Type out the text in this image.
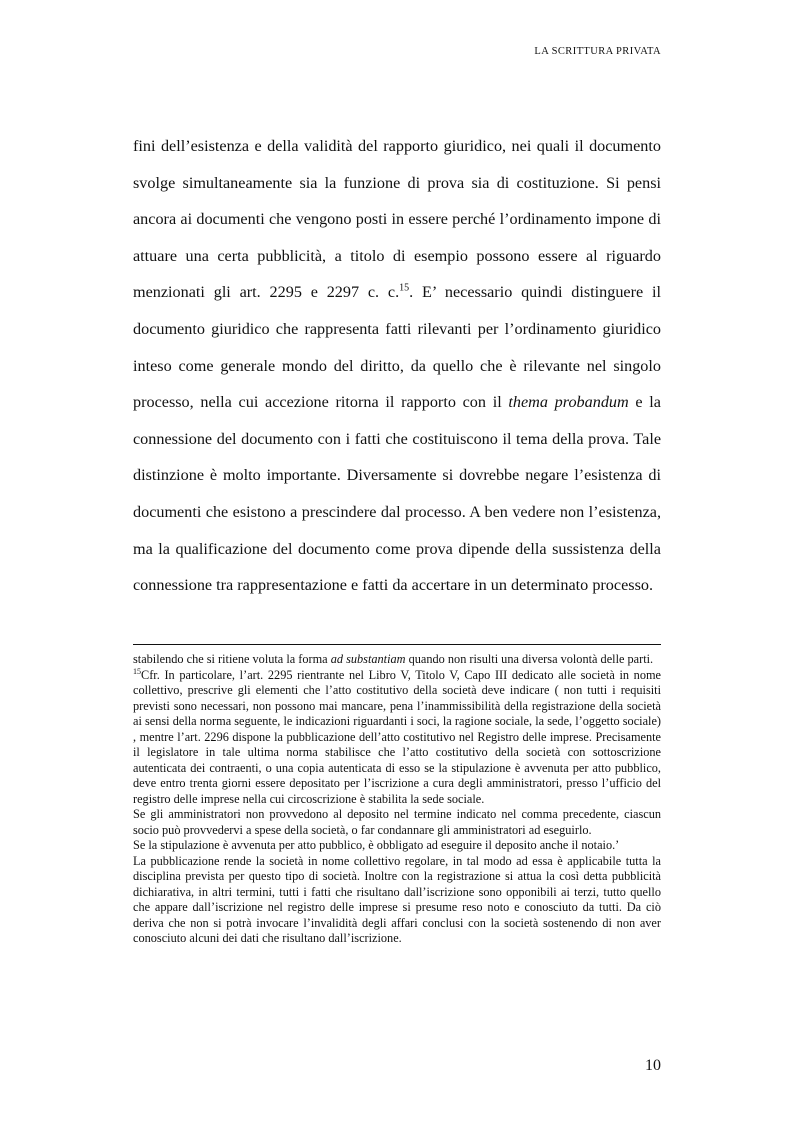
LA SCRITTURA PRIVATA

fini dell’esistenza e della validità del rapporto giuridico, nei quali il documento svolge simultaneamente sia la funzione di prova sia di costituzione. Si pensi ancora ai documenti che vengono posti in essere perché l’ordinamento impone di attuare una certa pubblicità, a titolo di esempio possono essere al riguardo menzionati gli art. 2295 e 2297 c. c.$^{15}$. E’ necessario quindi distinguere il documento giuridico che rappresenta fatti rilevanti per l’ordinamento giuridico inteso come generale mondo del diritto, da quello che è rilevante nel singolo processo, nella cui accezione ritorna il rapporto con il thema probandum e la connessione del documento con i fatti che costituiscono il tema della prova. Tale distinzione è molto importante. Diversamente si dovrebbe negare l’esistenza di documenti che esistono a prescindere dal processo. A ben vedere non l’esistenza, ma la qualificazione del documento come prova dipende della sussistenza della connessione tra rappresentazione e fatti da accertare in un determinato processo.

stabilendo che si ritiene voluta la forma ad substantiam quando non risulti una diversa volontà delle parti.

$^{15}$Cfr. In particolare, l’art. 2295 rientrante nel Libro V, Titolo V, Capo III dedicato alle società in nome collettivo, prescrive gli elementi che l’atto costitutivo della società deve indicare ( non tutti i requisiti previsti sono necessari, non possono mai mancare, pena l’inammissibilità della registrazione della società ai sensi della norma seguente, le indicazioni riguardanti i soci, la ragione sociale, la sede, l’oggetto sociale) , mentre l’art. 2296 dispone la pubblicazione dell’atto costitutivo nel Registro delle imprese. Precisamente il legislatore in tale ultima norma stabilisce che l’atto costitutivo della società con sottoscrizione autenticata dei contraenti, o una copia autenticata di esso se la stipulazione è avvenuta per atto pubblico, deve entro trenta giorni essere depositato per l’iscrizione a cura degli amministratori, presso l’ufficio del registro delle imprese nella cui circoscrizione è stabilita la sede sociale.

Se gli amministratori non provvedono al deposito nel termine indicato nel comma precedente, ciascun socio può provvedervi a spese della società, o far condannare gli amministratori ad eseguirlo.

Se la stipulazione è avvenuta per atto pubblico, è obbligato ad eseguire il deposito anche il notaio.’

La pubblicazione rende la società in nome collettivo regolare, in tal modo ad essa è applicabile tutta la disciplina prevista per questo tipo di società. Inoltre con la registrazione si attua la così detta pubblicità dichiarativa, in altri termini, tutti i fatti che risultano dall’iscrizione sono opponibili ai terzi, tutto quello che appare dall’iscrizione nel registro delle imprese si presume reso noto e conosciuto da tutti. Da ciò deriva che non si potrà invocare l’invalidità degli affari conclusi con la società sostenendo di non aver conosciuto alcuni dei dati che risultano dall’iscrizione.

10
